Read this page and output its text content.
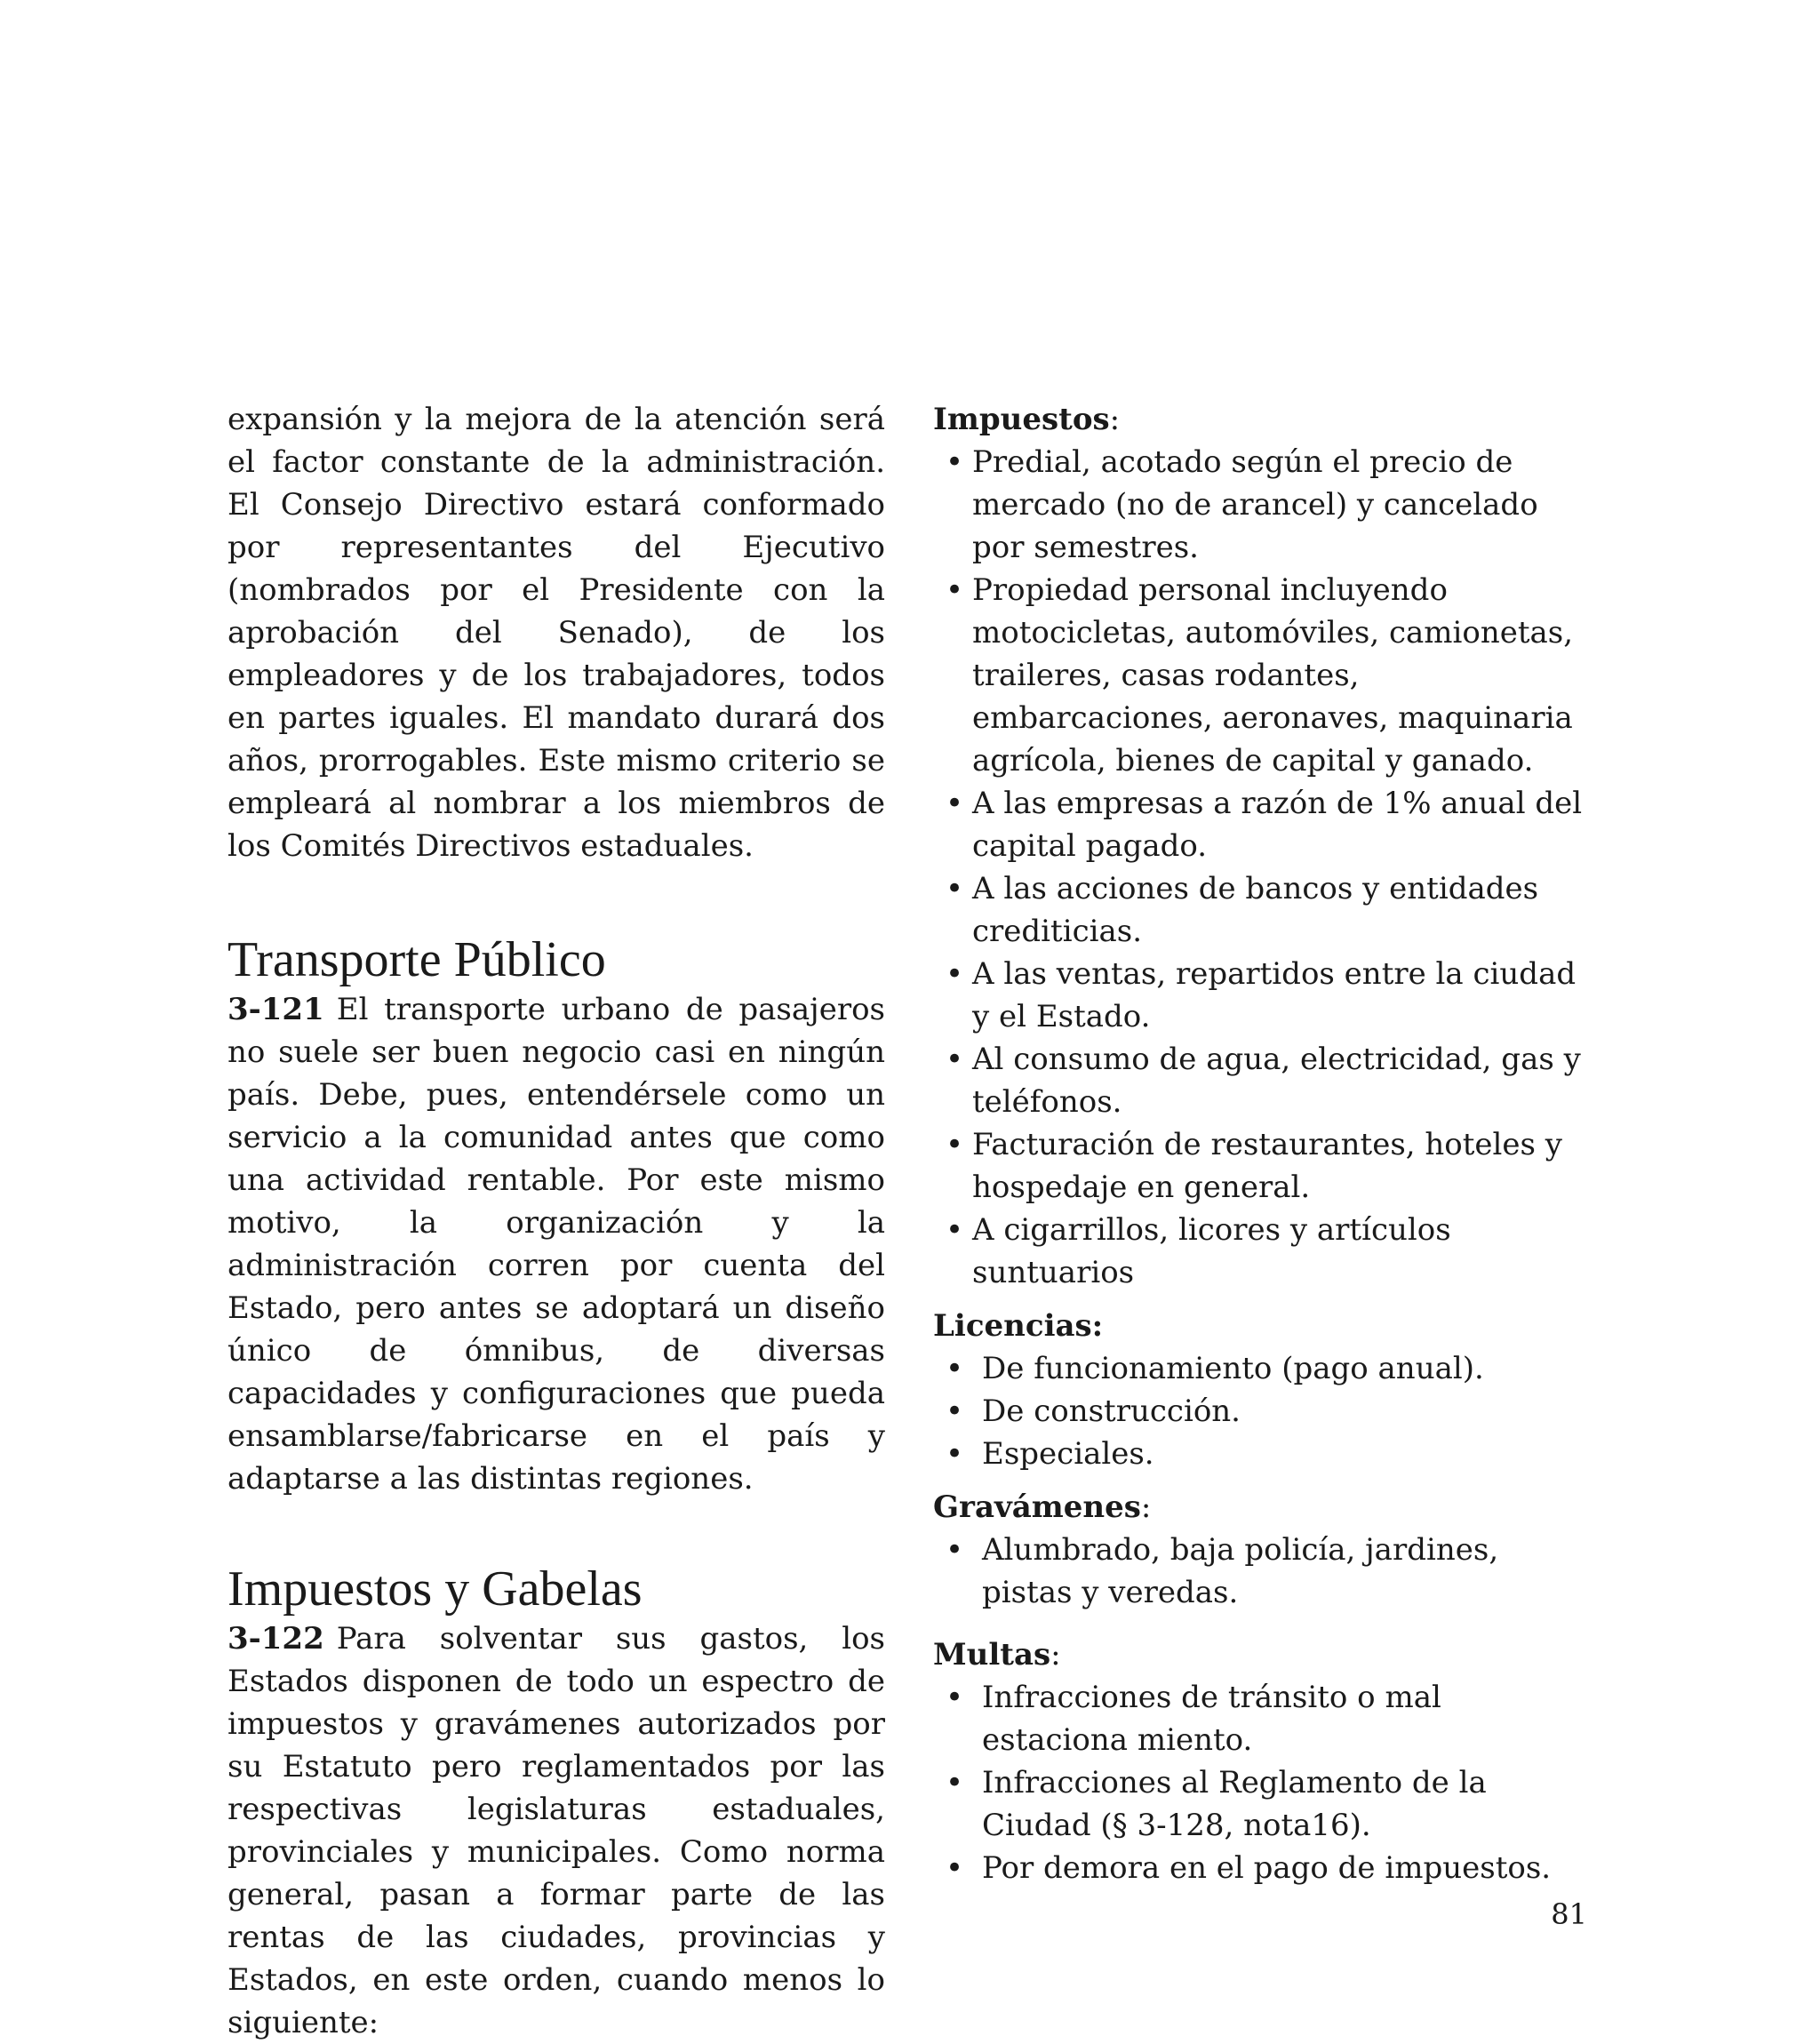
expansión y la mejora de la atención será el factor constante de la administración. El Consejo Directivo estará conformado por representantes del Ejecutivo (nombrados por el Presidente con la aprobación del Senado), de los empleadores y de los trabajadores, todos en partes iguales. El mandato durará dos años, prorrogables. Este mismo criterio se empleará al nombrar a los miembros de los Comités Directivos estaduales.

Transporte Público

3-121 El transporte urbano de pasajeros no suele ser buen negocio casi en ningún país. Debe, pues, entendérsele como un servicio a la comunidad antes que como una actividad rentable. Por este mismo motivo, la organización y la administración corren por cuenta del Estado, pero antes se adoptará un diseño único de ómnibus, de diversas capacidades y configuraciones que pueda ensamblarse/fabricarse en el país y adaptarse a las distintas regiones.

Impuestos y Gabelas

3-122 Para solventar sus gastos, los Estados disponen de todo un espectro de impuestos y gravámenes autorizados por su Estatuto pero reglamentados por las respectivas legislaturas estaduales, provinciales y municipales. Como norma general, pasan a formar parte de las rentas de las ciudades, provincias y Estados, en este orden, cuando menos lo siguiente:

Impuestos:

• Predial, acotado según el precio de mercado (no de arancel) y cancelado por semestres.
• Propiedad personal incluyendo motocicletas, automóviles, camionetas, traileres, casas rodantes, embarcaciones, aeronaves, maquinaria agrícola, bienes de capital y ganado.
• A las empresas a razón de 1% anual del capital pagado.
• A las acciones de bancos y entidades crediticias.
• A las ventas, repartidos entre la ciudad y el Estado.
• Al consumo de agua, electricidad, gas y teléfonos.
• Facturación de restaurantes, hoteles y hospedaje en general.
• A cigarrillos, licores y artículos suntuarios

Licencias:

• De funcionamiento (pago anual).
• De construcción.
• Especiales.

Gravámenes:

• Alumbrado, baja policía, jardines, pistas y veredas.

Multas:

• Infracciones de tránsito o mal estaciona miento.
• Infracciones al Reglamento de la Ciudad (§ 3-128, nota16).
• Por demora en el pago de impuestos.

81
